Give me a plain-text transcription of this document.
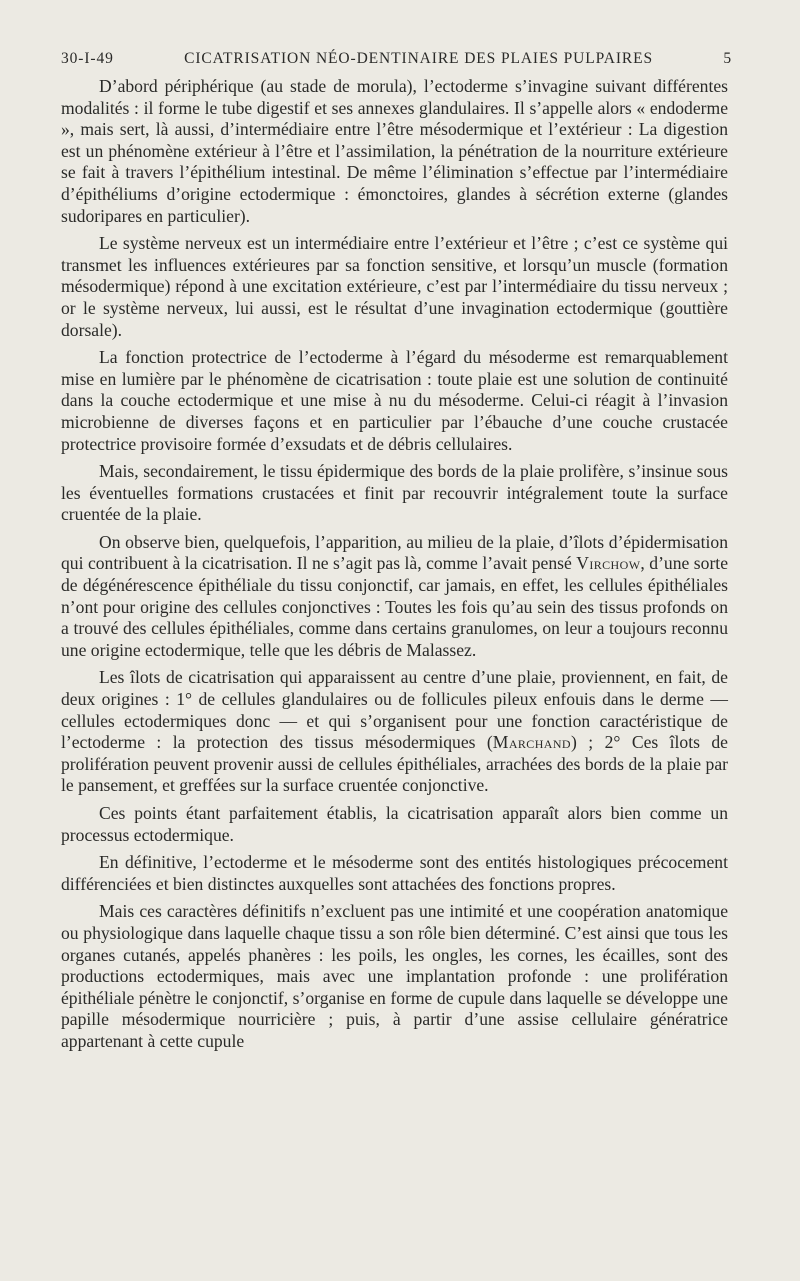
30-I-49	CICATRISATION NÉO-DENTINAIRE DES PLAIES PULPAIRES	5

D’abord périphérique (au stade de morula), l’ectoderme s’invagine suivant différentes modalités : il forme le tube digestif et ses annexes glandulaires. Il s’appelle alors « endoderme », mais sert, là aussi, d’intermédiaire entre l’être mésodermique et l’extérieur : La digestion est un phénomène extérieur à l’être et l’assimilation, la pénétration de la nourriture extérieure se fait à travers l’épithélium intestinal. De même l’élimination s’effectue par l’intermédiaire d’épithéliums d’origine ectodermique : émonctoires, glandes à sécrétion externe (glandes sudoripares en particulier).

Le système nerveux est un intermédiaire entre l’extérieur et l’être ; c’est ce système qui transmet les influences extérieures par sa fonction sensitive, et lorsqu’un muscle (formation mésodermique) répond à une excitation extérieure, c’est par l’intermédiaire du tissu nerveux ; or le système nerveux, lui aussi, est le résultat d’une invagination ectodermique (gouttière dorsale).

La fonction protectrice de l’ectoderme à l’égard du mésoderme est remarquablement mise en lumière par le phénomène de cicatrisation : toute plaie est une solution de continuité dans la couche ectodermique et une mise à nu du mésoderme. Celui-ci réagit à l’invasion microbienne de diverses façons et en particulier par l’ébauche d’une couche crustacée protectrice provisoire formée d’exsudats et de débris cellulaires.

Mais, secondairement, le tissu épidermique des bords de la plaie prolifère, s’insinue sous les éventuelles formations crustacées et finit par recouvrir intégralement toute la surface cruentée de la plaie.

On observe bien, quelquefois, l’apparition, au milieu de la plaie, d’îlots d’épidermisation qui contribuent à la cicatrisation. Il ne s’agit pas là, comme l’avait pensé Virchow, d’une sorte de dégénérescence épithéliale du tissu conjonctif, car jamais, en effet, les cellules épithéliales n’ont pour origine des cellules conjonctives : Toutes les fois qu’au sein des tissus profonds on a trouvé des cellules épithéliales, comme dans certains granulomes, on leur a toujours reconnu une origine ectodermique, telle que les débris de Malassez.

Les îlots de cicatrisation qui apparaissent au centre d’une plaie, proviennent, en fait, de deux origines : 1° de cellules glandulaires ou de follicules pileux enfouis dans le derme — cellules ectodermiques donc — et qui s’organisent pour une fonction caractéristique de l’ectoderme : la protection des tissus mésodermiques (Marchand) ; 2° Ces îlots de prolifération peuvent provenir aussi de cellules épithéliales, arrachées des bords de la plaie par le pansement, et greffées sur la surface cruentée conjonctive.

Ces points étant parfaitement établis, la cicatrisation apparaît alors bien comme un processus ectodermique.

En définitive, l’ectoderme et le mésoderme sont des entités histologiques précocement différenciées et bien distinctes auxquelles sont attachées des fonctions propres.

Mais ces caractères définitifs n’excluent pas une intimité et une coopération anatomique ou physiologique dans laquelle chaque tissu a son rôle bien déterminé. C’est ainsi que tous les organes cutanés, appelés phanères : les poils, les ongles, les cornes, les écailles, sont des productions ectodermiques, mais avec une implantation profonde : une prolifération épithéliale pénètre le conjonctif, s’organise en forme de cupule dans laquelle se développe une papille mésodermique nourricière ; puis, à partir d’une assise cellulaire génératrice appartenant à cette cupule
